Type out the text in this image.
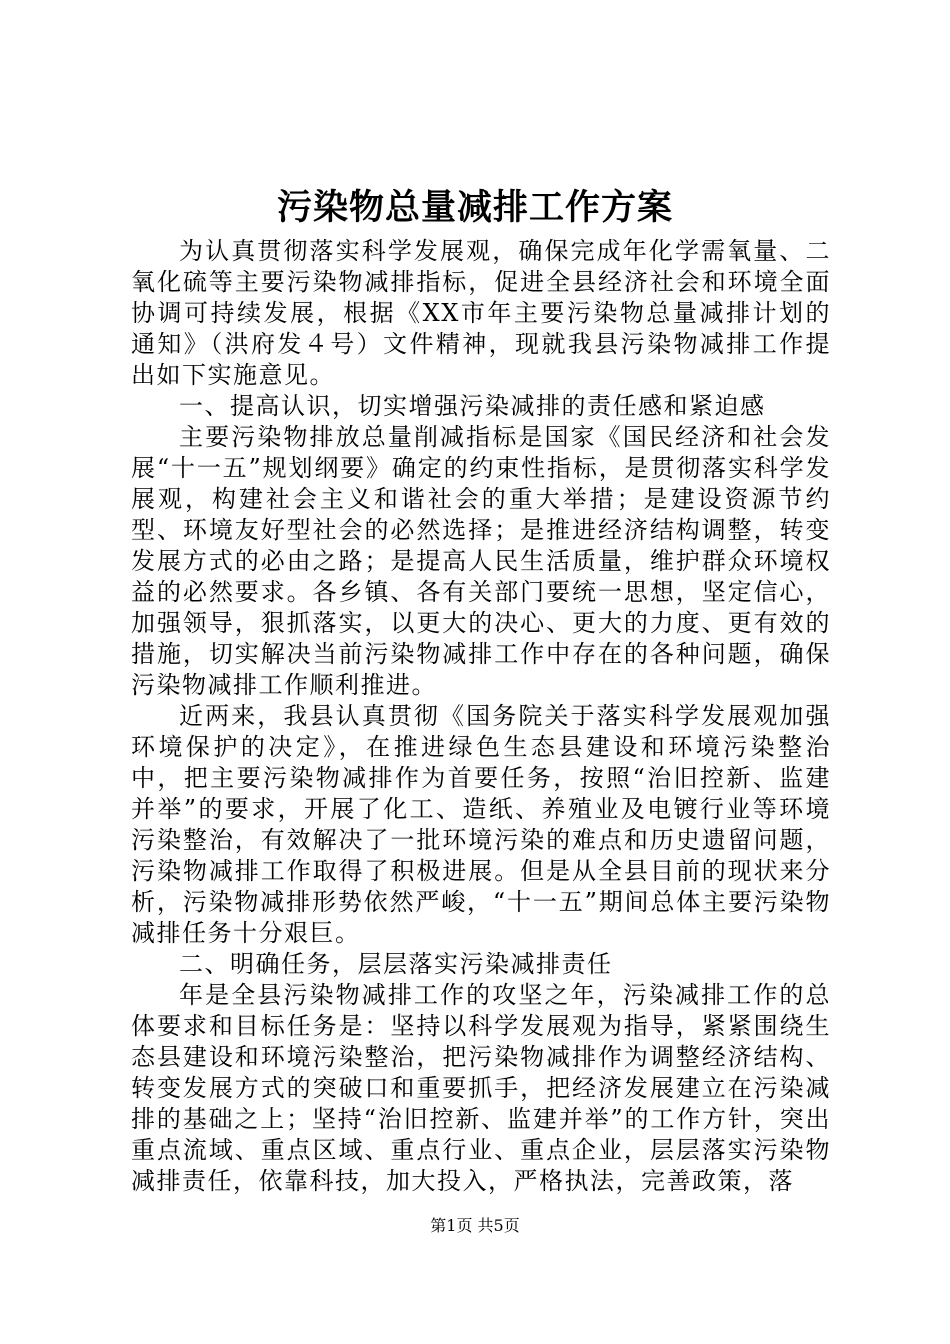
污染物总量减排工作方案

为认真贯彻落实科学发展观，确保完成年化学需氧量、二氧化硫等主要污染物减排指标，促进全县经济社会和环境全面协调可持续发展，根据《XX市年主要污染物总量减排计划的通知》（洪府发４号）文件精神，现就我县污染物减排工作提出如下实施意见。

一、提高认识，切实增强污染减排的责任感和紧迫感

主要污染物排放总量削减指标是国家《国民经济和社会发展“十一五”规划纲要》确定的约束性指标，是贯彻落实科学发展观，构建社会主义和谐社会的重大举措；是建设资源节约型、环境友好型社会的必然选择；是推进经济结构调整，转变发展方式的必由之路；是提高人民生活质量，维护群众环境权益的必然要求。各乡镇、各有关部门要统一思想，坚定信心，加强领导，狠抓落实，以更大的决心、更大的力度、更有效的措施，切实解决当前污染物减排工作中存在的各种问题，确保污染物减排工作顺利推进。

近两来，我县认真贯彻《国务院关于落实科学发展观加强环境保护的决定》，在推进绿色生态县建设和环境污染整治中，把主要污染物减排作为首要任务，按照“治旧控新、监建并举”的要求，开展了化工、造纸、养殖业及电镀行业等环境污染整治，有效解决了一批环境污染的难点和历史遗留问题，污染物减排工作取得了积极进展。但是从全县目前的现状来分析，污染物减排形势依然严峻，“十一五”期间总体主要污染物减排任务十分艰巨。

二、明确任务，层层落实污染减排责任

年是全县污染物减排工作的攻坚之年，污染减排工作的总体要求和目标任务是：坚持以科学发展观为指导，紧紧围绕生态县建设和环境污染整治，把污染物减排作为调整经济结构、转变发展方式的突破口和重要抓手，把经济发展建立在污染减排的基础之上；坚持“治旧控新、监建并举”的工作方针，突出重点流域、重点区域、重点行业、重点企业，层层落实污染物减排责任，依靠科技，加大投入，严格执法，完善政策，落

第1页 共5页
